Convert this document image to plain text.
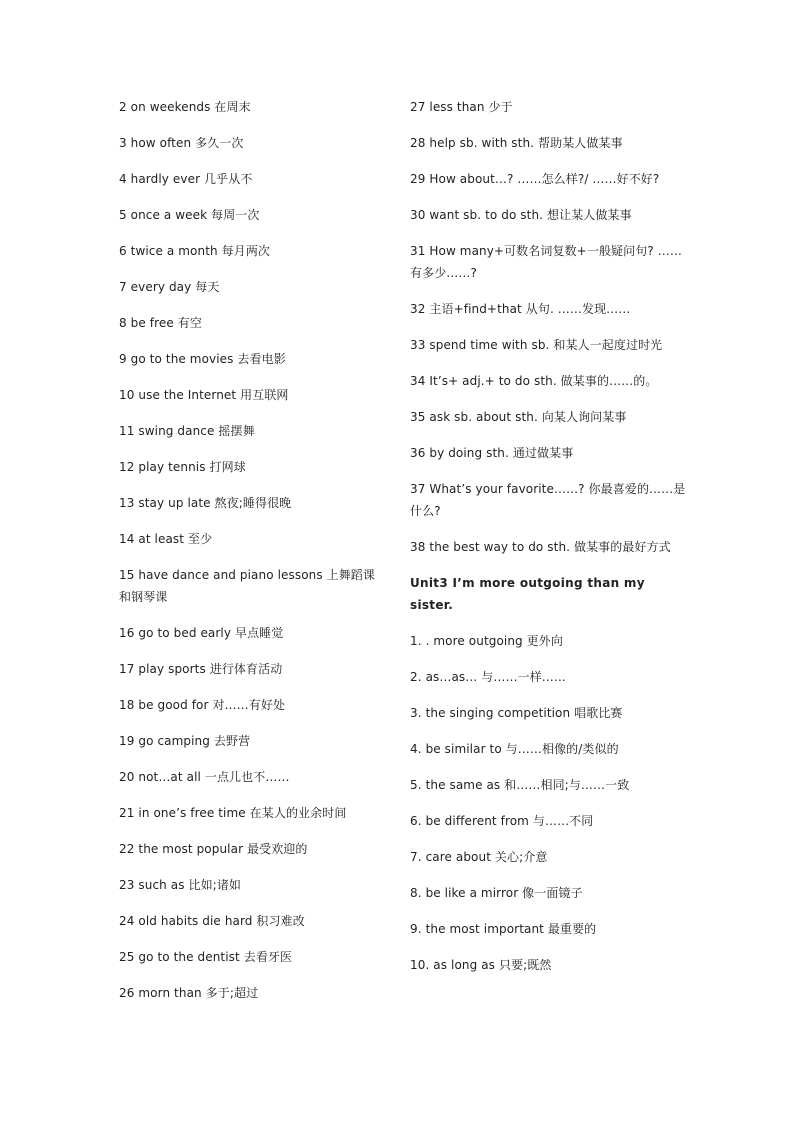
2 on weekends 在周末

3 how often 多久一次

4 hardly ever 几乎从不

5 once a week 每周一次

6 twice a month 每月两次

7 every day 每天

8 be free 有空

9 go to the movies 去看电影

10 use the Internet 用互联网

11 swing dance 摇摆舞

12 play tennis 打网球

13 stay up late 熬夜;睡得很晚

14 at least 至少

15 have dance and piano lessons 上舞蹈课和钢琴课

16 go to bed early 早点睡觉

17 play sports 进行体育活动

18 be good for 对……有好处

19 go camping 去野营

20 not…at all 一点儿也不……

21 in one’s free time 在某人的业余时间

22 the most popular 最受欢迎的

23 such as 比如;诸如

24 old habits die hard 积习难改

25 go to the dentist 去看牙医

26 morn than 多于;超过

27 less than 少于

28 help sb. with sth. 帮助某人做某事

29 How about…? ……怎么样?/ ……好不好?

30 want sb. to do sth. 想让某人做某事

31 How many+可数名词复数+一般疑问句? ……有多少……?

32 主语+find+that 从句. ……发现……

33 spend time with sb. 和某人一起度过时光

34 It’s+ adj.+ to do sth. 做某事的……的。

35 ask sb. about sth. 向某人询问某事

36 by doing sth. 通过做某事

37 What’s your favorite……? 你最喜爱的……是什么?

38 the best way to do sth. 做某事的最好方式

Unit3 I’m more outgoing than my sister.

1. . more outgoing 更外向

2. as…as… 与……一样……

3. the singing competition 唱歌比赛

4. be similar to 与……相像的/类似的

5. the same as 和……相同;与……一致

6. be different from 与……不同

7. care about 关心;介意

8. be like a mirror 像一面镜子

9. the most important 最重要的

10. as long as 只要;既然
